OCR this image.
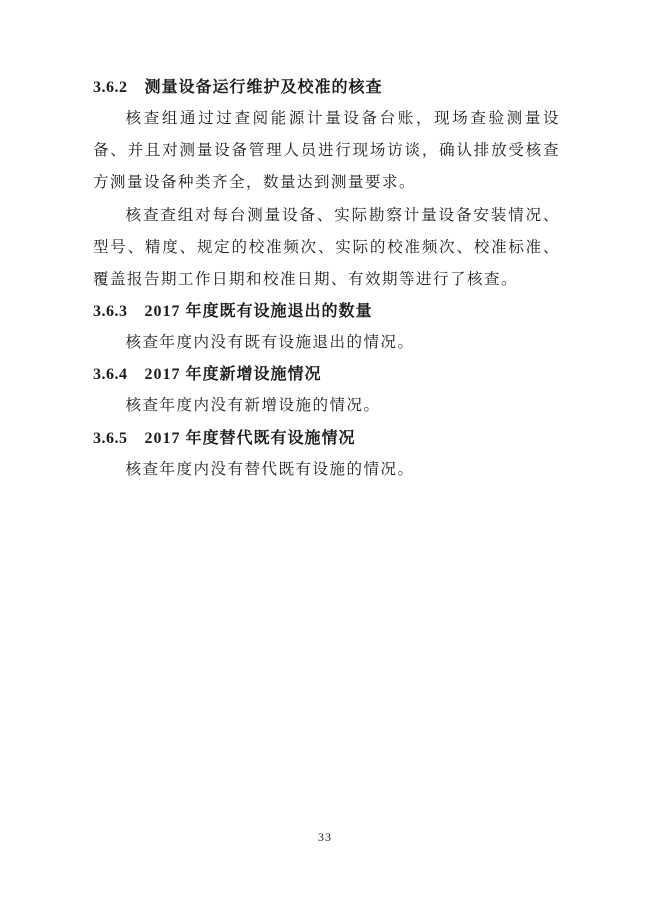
3.6.2 测量设备运行维护及校准的核查

核查组通过过查阅能源计量设备台账，现场查验测量设备、并且对测量设备管理人员进行现场访谈，确认排放受核查方测量设备种类齐全，数量达到测量要求。

核查查组对每台测量设备、实际勘察计量设备安装情况、型号、精度、规定的校准频次、实际的校准频次、校准标准、覆盖报告期工作日期和校准日期、有效期等进行了核查。

3.6.3 2017 年度既有设施退出的数量

核查年度内没有既有设施退出的情况。

3.6.4 2017 年度新增设施情况

核查年度内没有新增设施的情况。

3.6.5 2017 年度替代既有设施情况

核查年度内没有替代既有设施的情况。

33
